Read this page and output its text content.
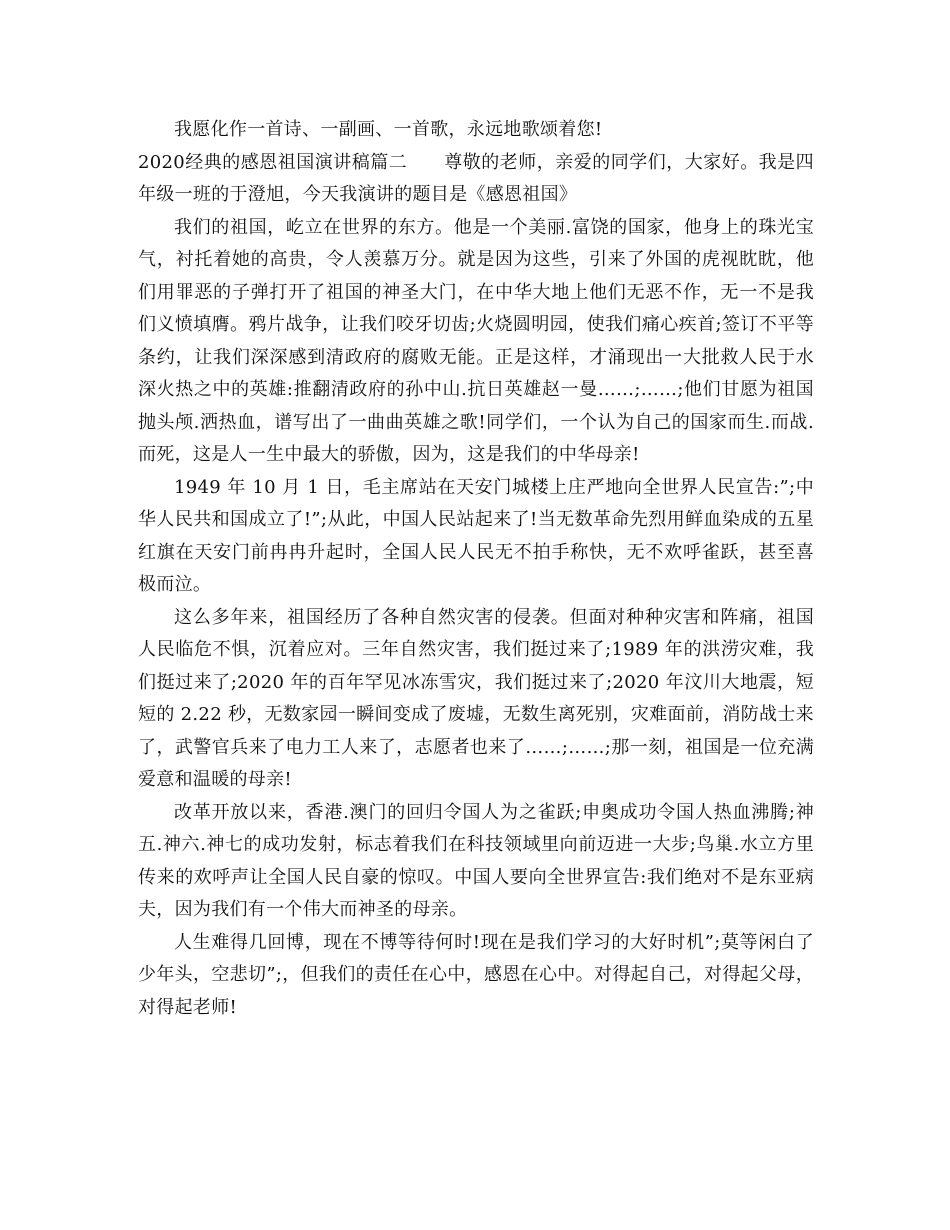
我愿化作一首诗、一副画、一首歌，永远地歌颂着您!

2020经典的感恩祖国演讲稿篇二　　尊敬的老师，亲爱的同学们，大家好。我是四年级一班的于澄旭，今天我演讲的题目是《感恩祖国》

我们的祖国，屹立在世界的东方。他是一个美丽.富饶的国家，他身上的珠光宝气，衬托着她的高贵，令人羡慕万分。就是因为这些，引来了外国的虎视眈眈，他们用罪恶的子弹打开了祖国的神圣大门，在中华大地上他们无恶不作，无一不是我们义愤填膺。鸦片战争，让我们咬牙切齿;火烧圆明园，使我们痛心疾首;签订不平等条约，让我们深深感到清政府的腐败无能。正是这样，才涌现出一大批救人民于水深火热之中的英雄:推翻清政府的孙中山.抗日英雄赵一曼……;……;他们甘愿为祖国抛头颅.洒热血，谱写出了一曲曲英雄之歌!同学们，一个认为自己的国家而生.而战.而死，这是人一生中最大的骄傲，因为，这是我们的中华母亲!

1949 年 10 月 1 日，毛主席站在天安门城楼上庄严地向全世界人民宣告:”;中华人民共和国成立了!”;从此，中国人民站起来了!当无数革命先烈用鲜血染成的五星红旗在天安门前冉冉升起时，全国人民人民无不拍手称快，无不欢呼雀跃，甚至喜极而泣。

这么多年来，祖国经历了各种自然灾害的侵袭。但面对种种灾害和阵痛，祖国人民临危不惧，沉着应对。三年自然灾害，我们挺过来了;1989 年的洪涝灾难，我们挺过来了;2020 年的百年罕见冰冻雪灾，我们挺过来了;2020 年汶川大地震，短短的 2.22 秒，无数家园一瞬间变成了废墟，无数生离死别，灾难面前，消防战士来了，武警官兵来了电力工人来了，志愿者也来了……;……;那一刻，祖国是一位充满爱意和温暖的母亲!

改革开放以来，香港.澳门的回归令国人为之雀跃;申奥成功令国人热血沸腾;神五.神六.神七的成功发射，标志着我们在科技领域里向前迈进一大步;鸟巢.水立方里传来的欢呼声让全国人民自豪的惊叹。中国人要向全世界宣告:我们绝对不是东亚病夫，因为我们有一个伟大而神圣的母亲。

人生难得几回博，现在不博等待何时!现在是我们学习的大好时机”;莫等闲白了少年头，空悲切”;，但我们的责任在心中，感恩在心中。对得起自己，对得起父母，对得起老师!
